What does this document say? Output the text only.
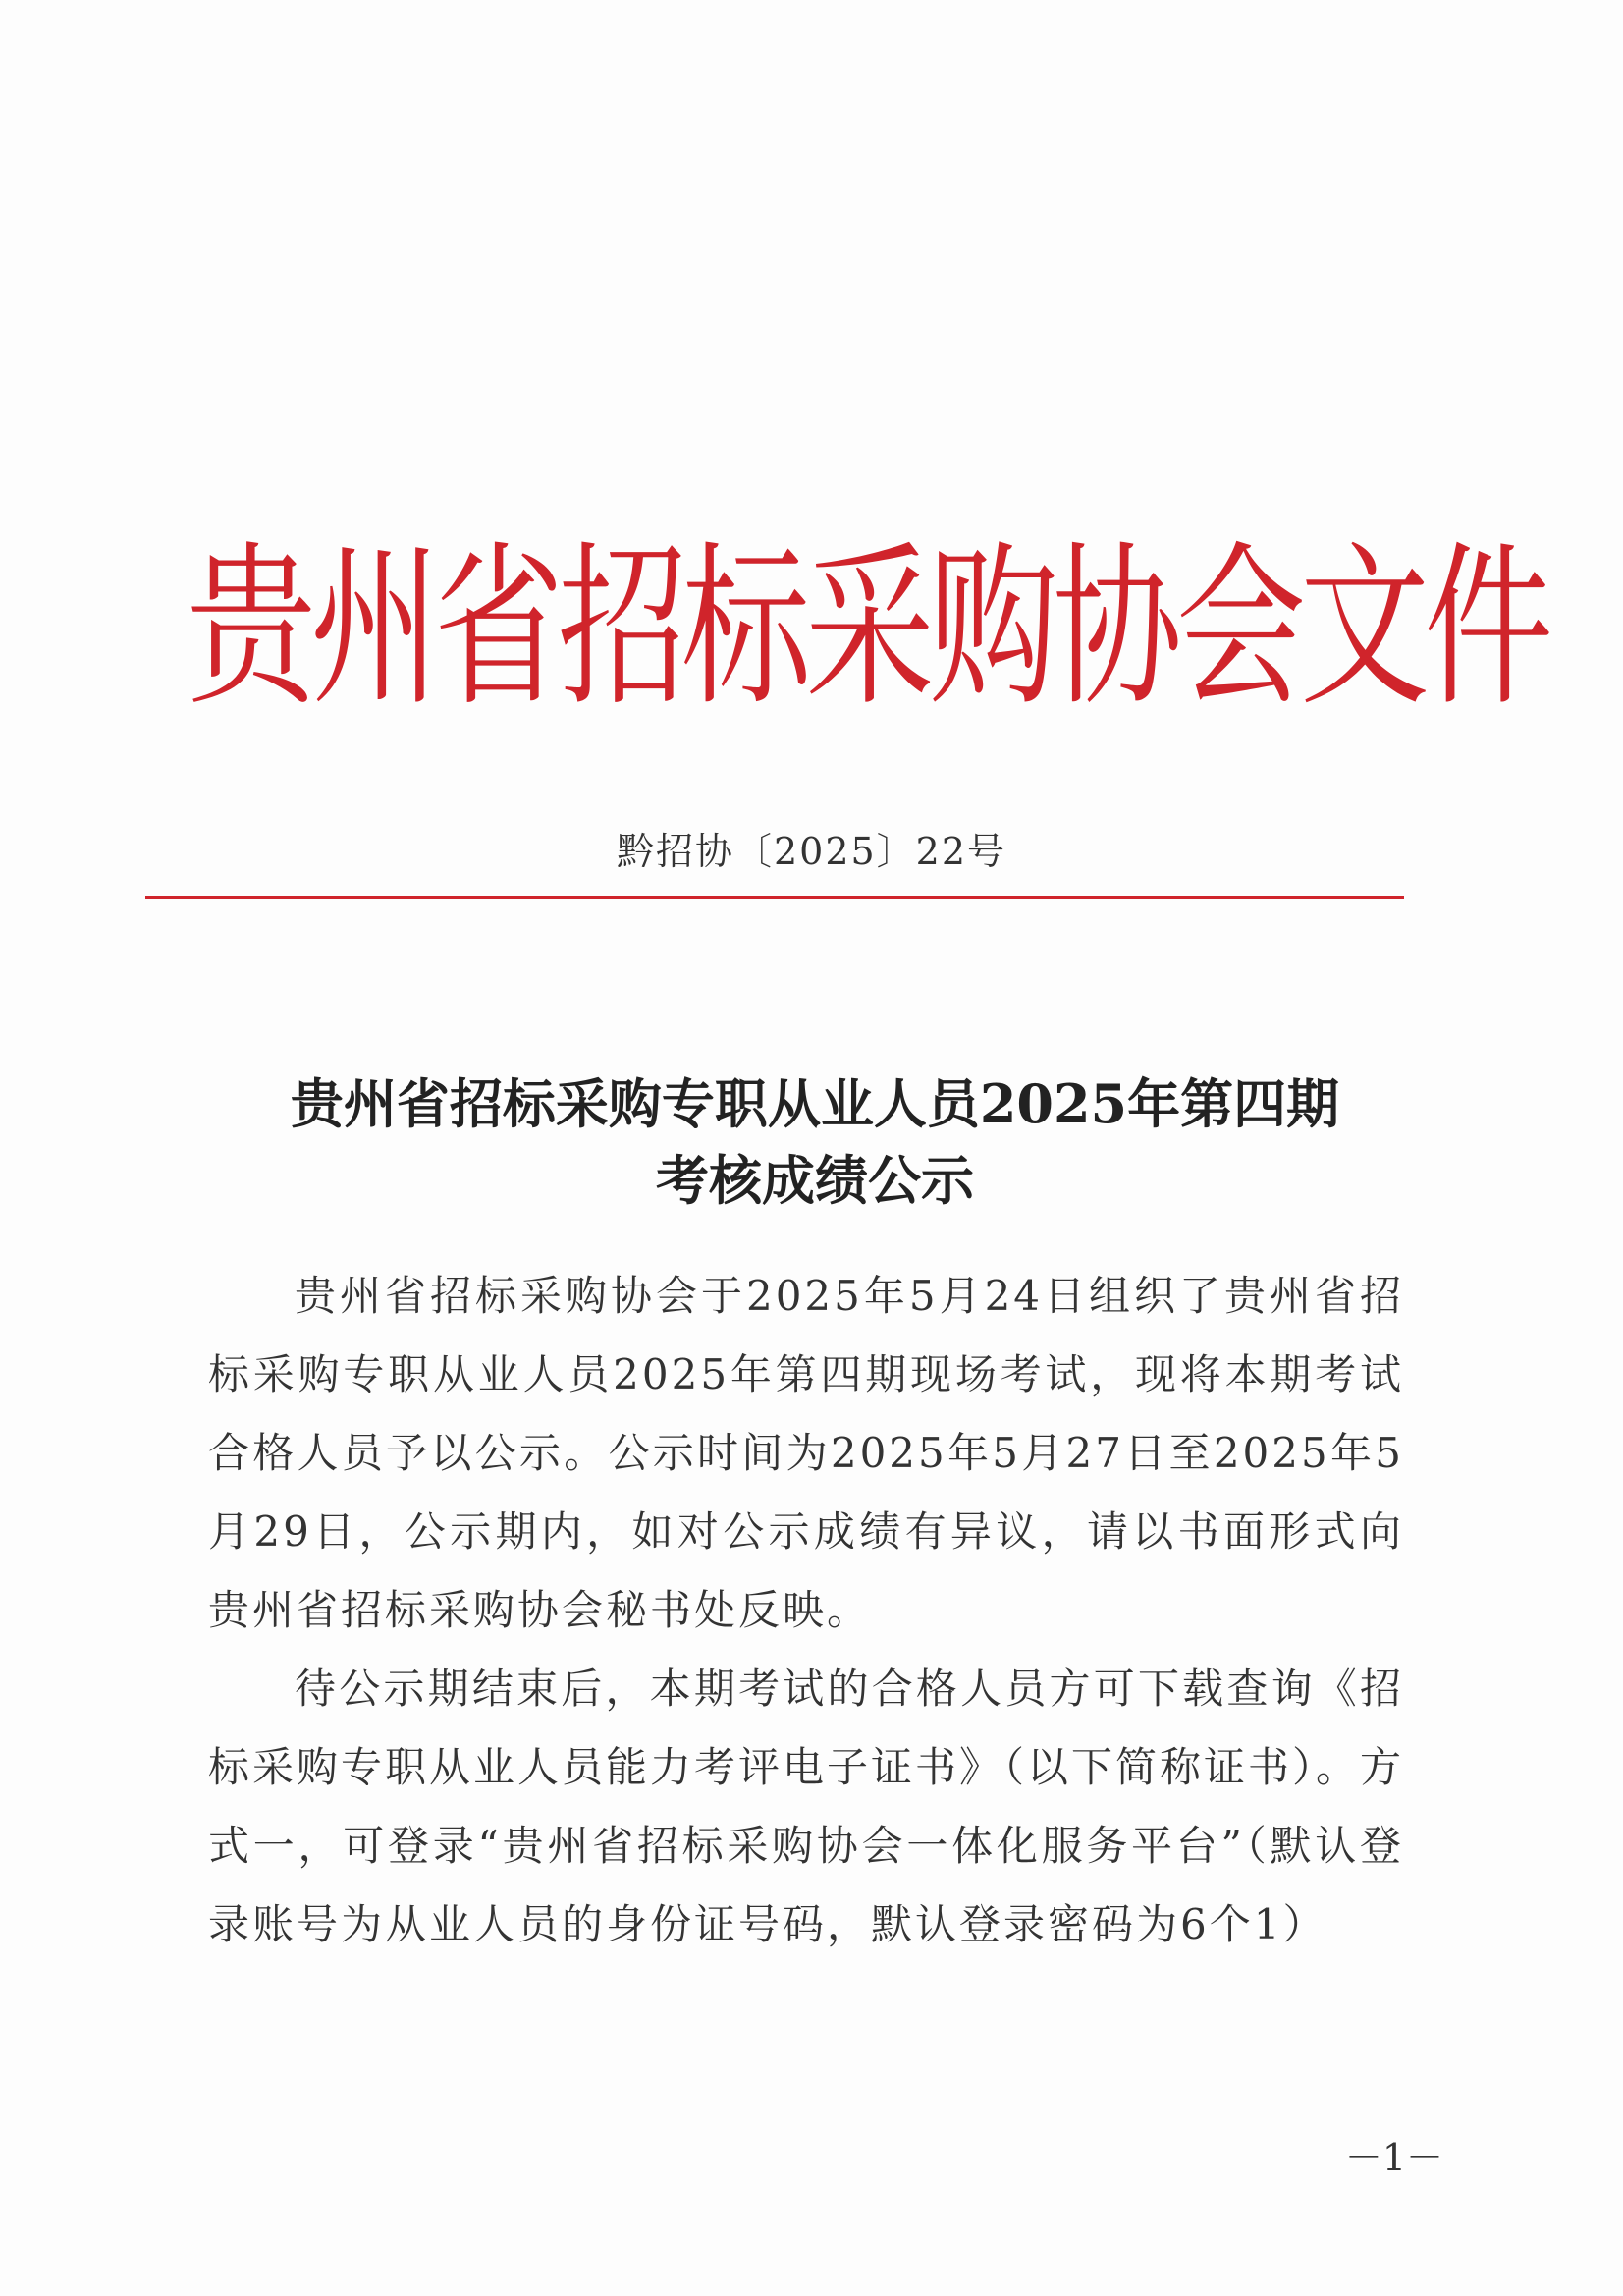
贵州省招标采购协会文件
黔招协〔2025〕22号
贵州省招标采购专职从业人员2025年第四期
考核成绩公示

贵州省招标采购协会于2025年5月24日组织了贵州省招标采购专职从业人员2025年第四期现场考试，现将本期考试合格人员予以公示。公示时间为2025年5月27日至2025年5月29日，公示期内，如对公示成绩有异议，请以书面形式向贵州省招标采购协会秘书处反映。

待公示期结束后，本期考试的合格人员方可下载查询《招标采购专职从业人员能力考评电子证书》（以下简称证书）。方式一，可登录“贵州省招标采购协会一体化服务平台”（默认登录账号为从业人员的身份证号码，默认登录密码为6个1）

－1－
